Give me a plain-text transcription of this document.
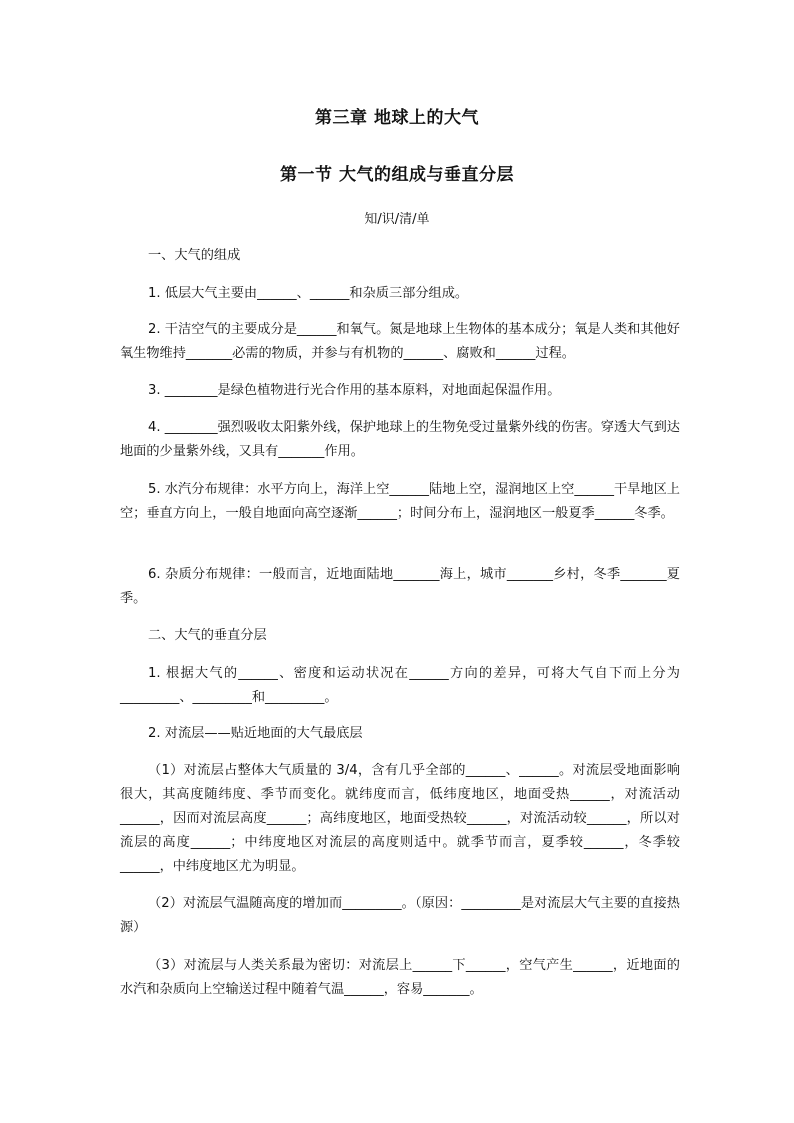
第三章 地球上的大气
第一节 大气的组成与垂直分层
知/识/清/单
一、大气的组成
1. 低层大气主要由______、______和杂质三部分组成。
2. 干洁空气的主要成分是______和氧气。氮是地球上生物体的基本成分；氧是人类和其他好氧生物维持_______必需的物质，并参与有机物的______、腐败和______过程。
3. ________是绿色植物进行光合作用的基本原料，对地面起保温作用。
4. ________强烈吸收太阳紫外线，保护地球上的生物免受过量紫外线的伤害。穿透大气到达地面的少量紫外线，又具有_______作用。
5. 水汽分布规律：水平方向上，海洋上空______陆地上空，湿润地区上空______干旱地区上空；垂直方向上，一般自地面向高空逐渐______；时间分布上，湿润地区一般夏季______冬季。
6. 杂质分布规律：一般而言，近地面陆地_______海上，城市_______乡村，冬季_______夏季。
二、大气的垂直分层
1. 根据大气的______、密度和运动状况在______方向的差异，可将大气自下而上分为_________、_________和_________。
2. 对流层——贴近地面的大气最底层
（1）对流层占整体大气质量的 3/4，含有几乎全部的______、______。对流层受地面影响很大，其高度随纬度、季节而变化。就纬度而言，低纬度地区，地面受热______，对流活动______，因而对流层高度______；高纬度地区，地面受热较______，对流活动较______，所以对流层的高度______；中纬度地区对流层的高度则适中。就季节而言，夏季较______，冬季较______，中纬度地区尤为明显。
（2）对流层气温随高度的增加而_________。（原因：_________是对流层大气主要的直接热源）
（3）对流层与人类关系最为密切：对流层上______下______，空气产生______，近地面的水汽和杂质向上空输送过程中随着气温______，容易_______。
